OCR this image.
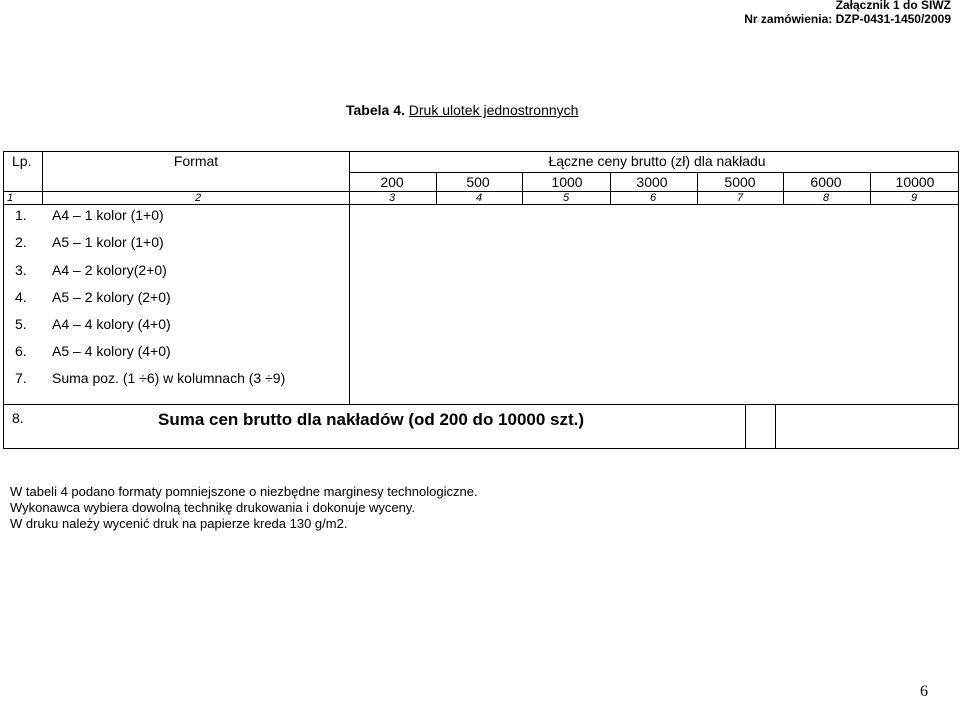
Załącznik 1 do SIWZ
Nr zamówienia: DZP-0431-1450/2009
Tabela 4. Druk ulotek jednostronnych
Lp.	Format	Łączne ceny brutto (zł) dla nakładu
200	500	1000	3000	5000	6000	10000
1	2	3	4	5	6	7	8	9
1. A4 – 1 kolor (1+0)
2. A5 – 1 kolor (1+0)
3. A4 – 2 kolory(2+0)
4. A5 – 2 kolory (2+0)
5. A4 – 4 kolory (4+0)
6. A5 – 4 kolory (4+0)
7. Suma poz. (1 ÷6) w kolumnach (3 ÷9)
8.	Suma cen brutto dla nakładów (od 200 do 10000 szt.)
W tabeli 4 podano formaty pomniejszone o niezbędne marginesy technologiczne.
Wykonawca wybiera dowolną technikę drukowania i dokonuje wyceny.
W druku należy wycenić druk na papierze kreda 130 g/m2.
6
